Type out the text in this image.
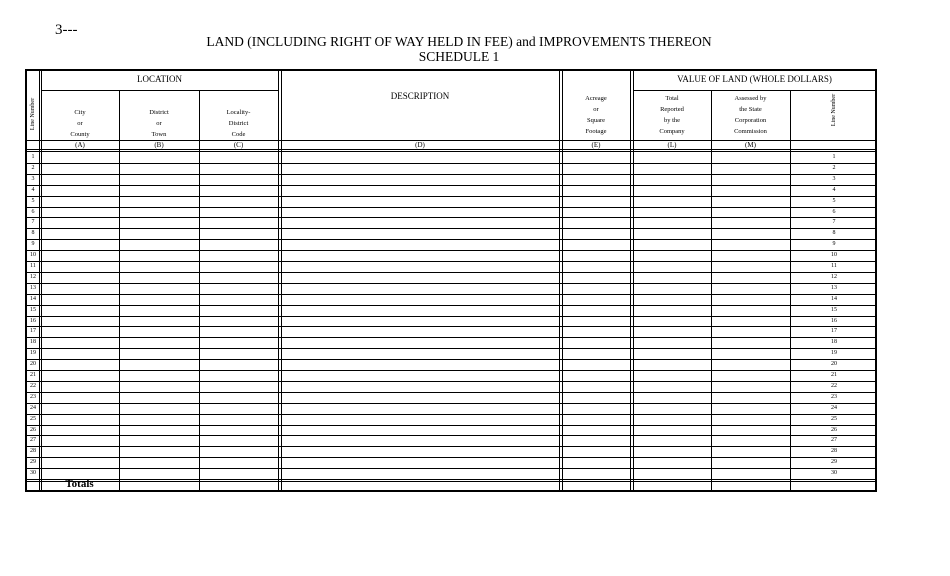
3---
LAND (INCLUDING RIGHT OF WAY HELD IN FEE) and IMPROVEMENTS THEREON
SCHEDULE 1
LOCATION
DESCRIPTION
VALUE OF LAND (WHOLE DOLLARS)
Line Number	Line Number
City
or
County
District
or
Town
Locality-
District
Code
Acreage
or
Square
Footage
Total
Reported
by the
Company
Assessed by
the State
Corporation
Commission
(A)	(B)	(C)	(D)	(E)	(L)	(M)
1	1
2	2
3	3
4	4
5	5
6	6
7	7
8	8
9	9
10	10
11	11
12	12
13	13
14	14
15	15
16	16
17	17
18	18
19	19
20	20
21	21
22	22
23	23
24	24
25	25
26	26
27	27
28	28
29	29
30	30
Totals
